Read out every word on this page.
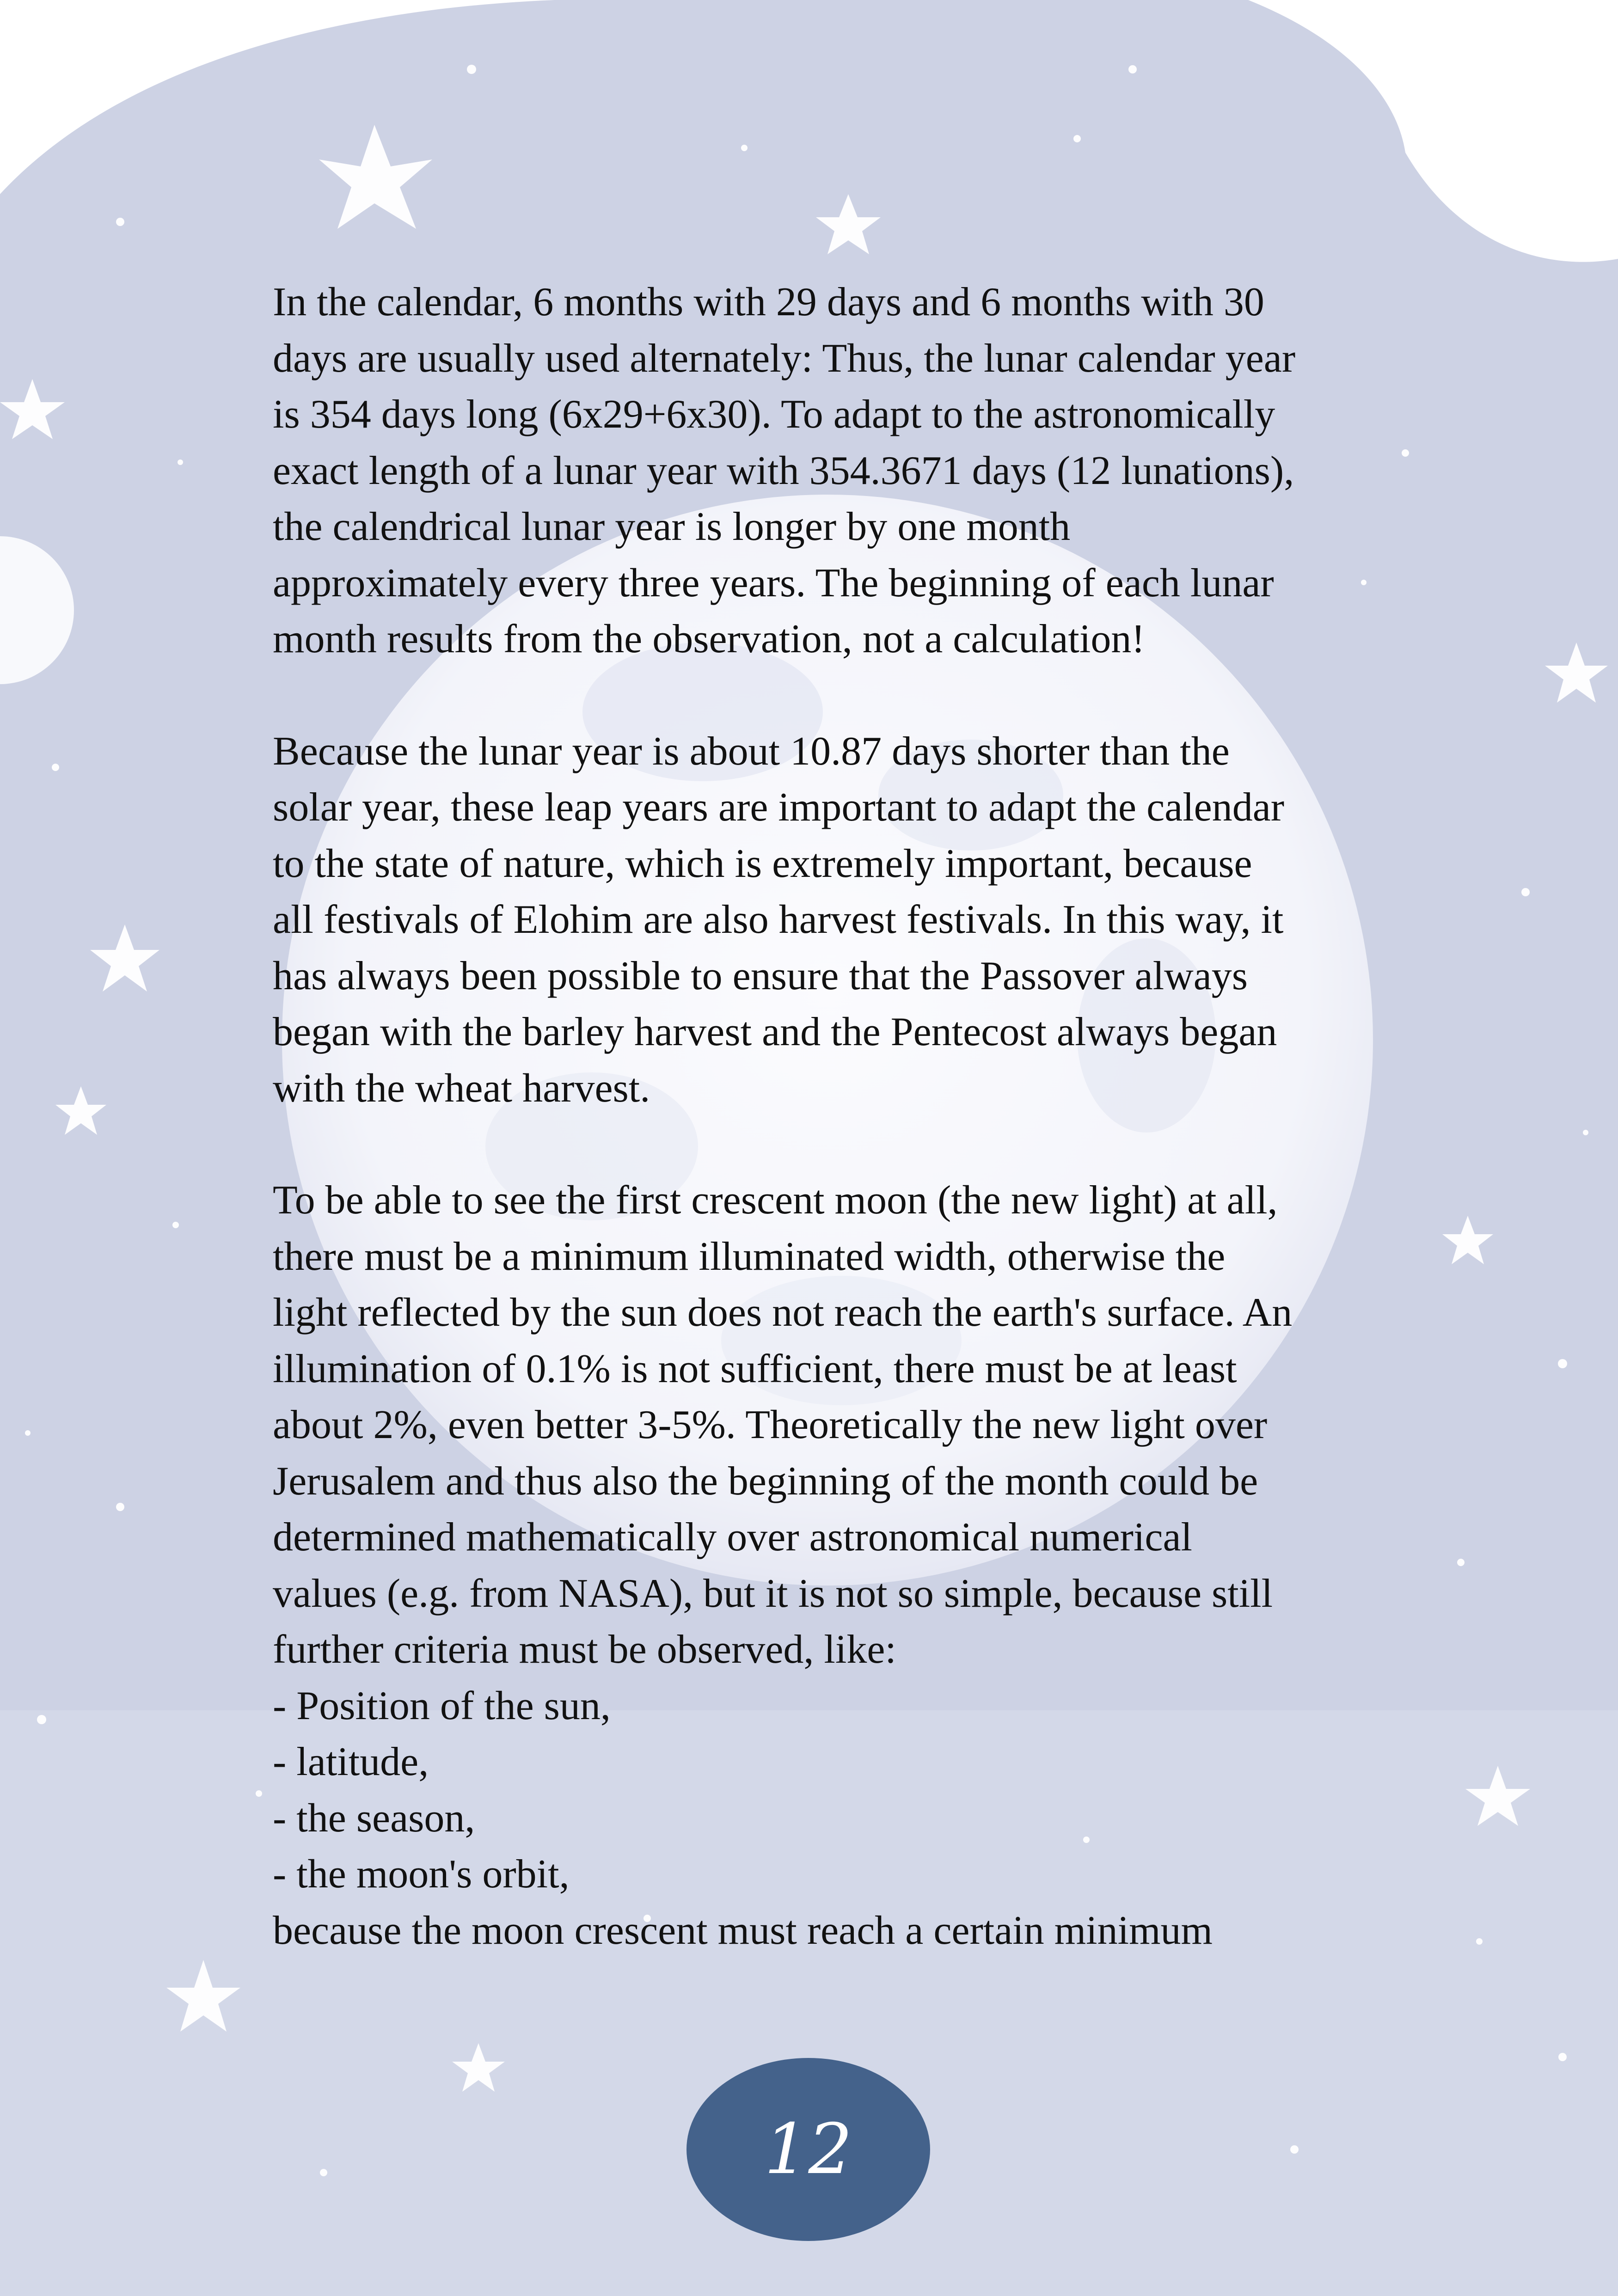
In the calendar, 6 months with 29 days and 6 months with 30
days are usually used alternately: Thus, the lunar calendar year
is 354 days long (6x29+6x30). To adapt to the astronomically
exact length of a lunar year with 354.3671 days (12 lunations),
the calendrical lunar year is longer by one month
approximately every three years. The beginning of each lunar
month results from the observation, not a calculation!

Because the lunar year is about 10.87 days shorter than the
solar year, these leap years are important to adapt the calendar
to the state of nature, which is extremely important, because
all festivals of Elohim are also harvest festivals. In this way, it
has always been possible to ensure that the Passover always
began with the barley harvest and the Pentecost always began
with the wheat harvest.

To be able to see the first crescent moon (the new light) at all,
there must be a minimum illuminated width, otherwise the
light reflected by the sun does not reach the earth's surface. An
illumination of 0.1% is not sufficient, there must be at least
about 2%, even better 3-5%. Theoretically the new light over
Jerusalem and thus also the beginning of the month could be
determined mathematically over astronomical numerical
values (e.g. from NASA), but it is not so simple, because still
further criteria must be observed, like:
- Position of the sun,
- latitude,
- the season,
- the moon's orbit,
because the moon crescent must reach a certain minimum

12
